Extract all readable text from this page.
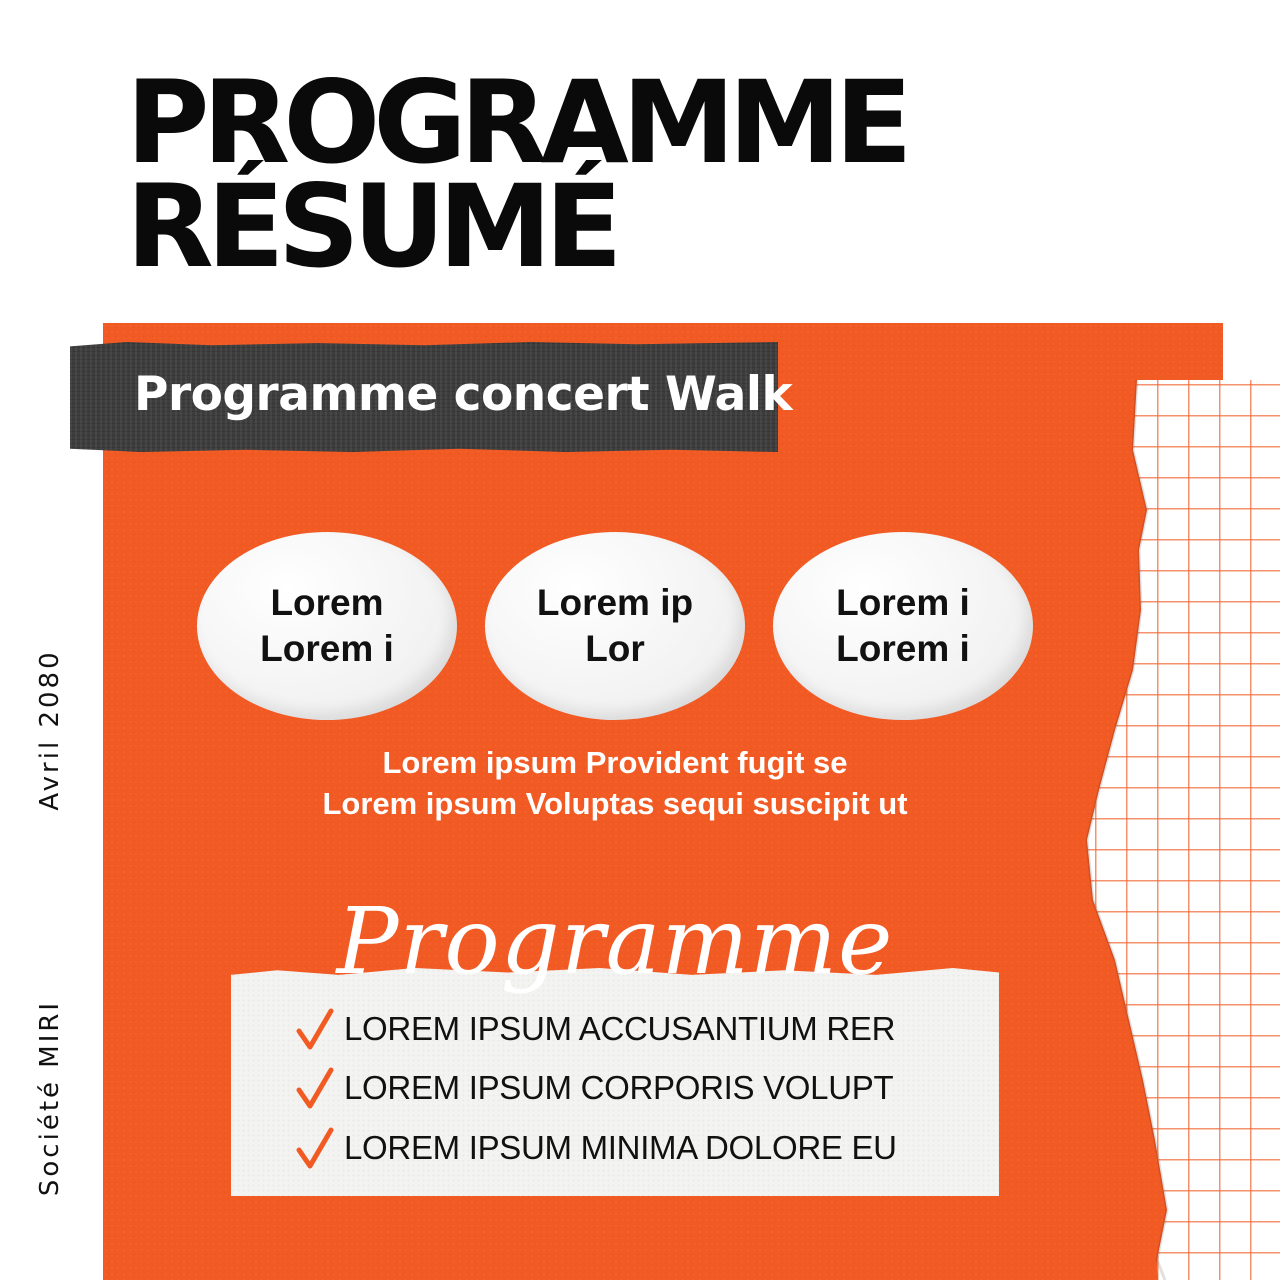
PROGRAMME
RÉSUMÉ
Programme concert Walk
Lorem
Lorem i
Lorem ip
Lor
Lorem i
Lorem i
Lorem ipsum Provident fugit se
Lorem ipsum Voluptas sequi suscipit ut
Programme
LOREM IPSUM ACCUSANTIUM RER
LOREM IPSUM CORPORIS VOLUPT
LOREM IPSUM MINIMA DOLORE EU
Avril 2080
Société MIRI
